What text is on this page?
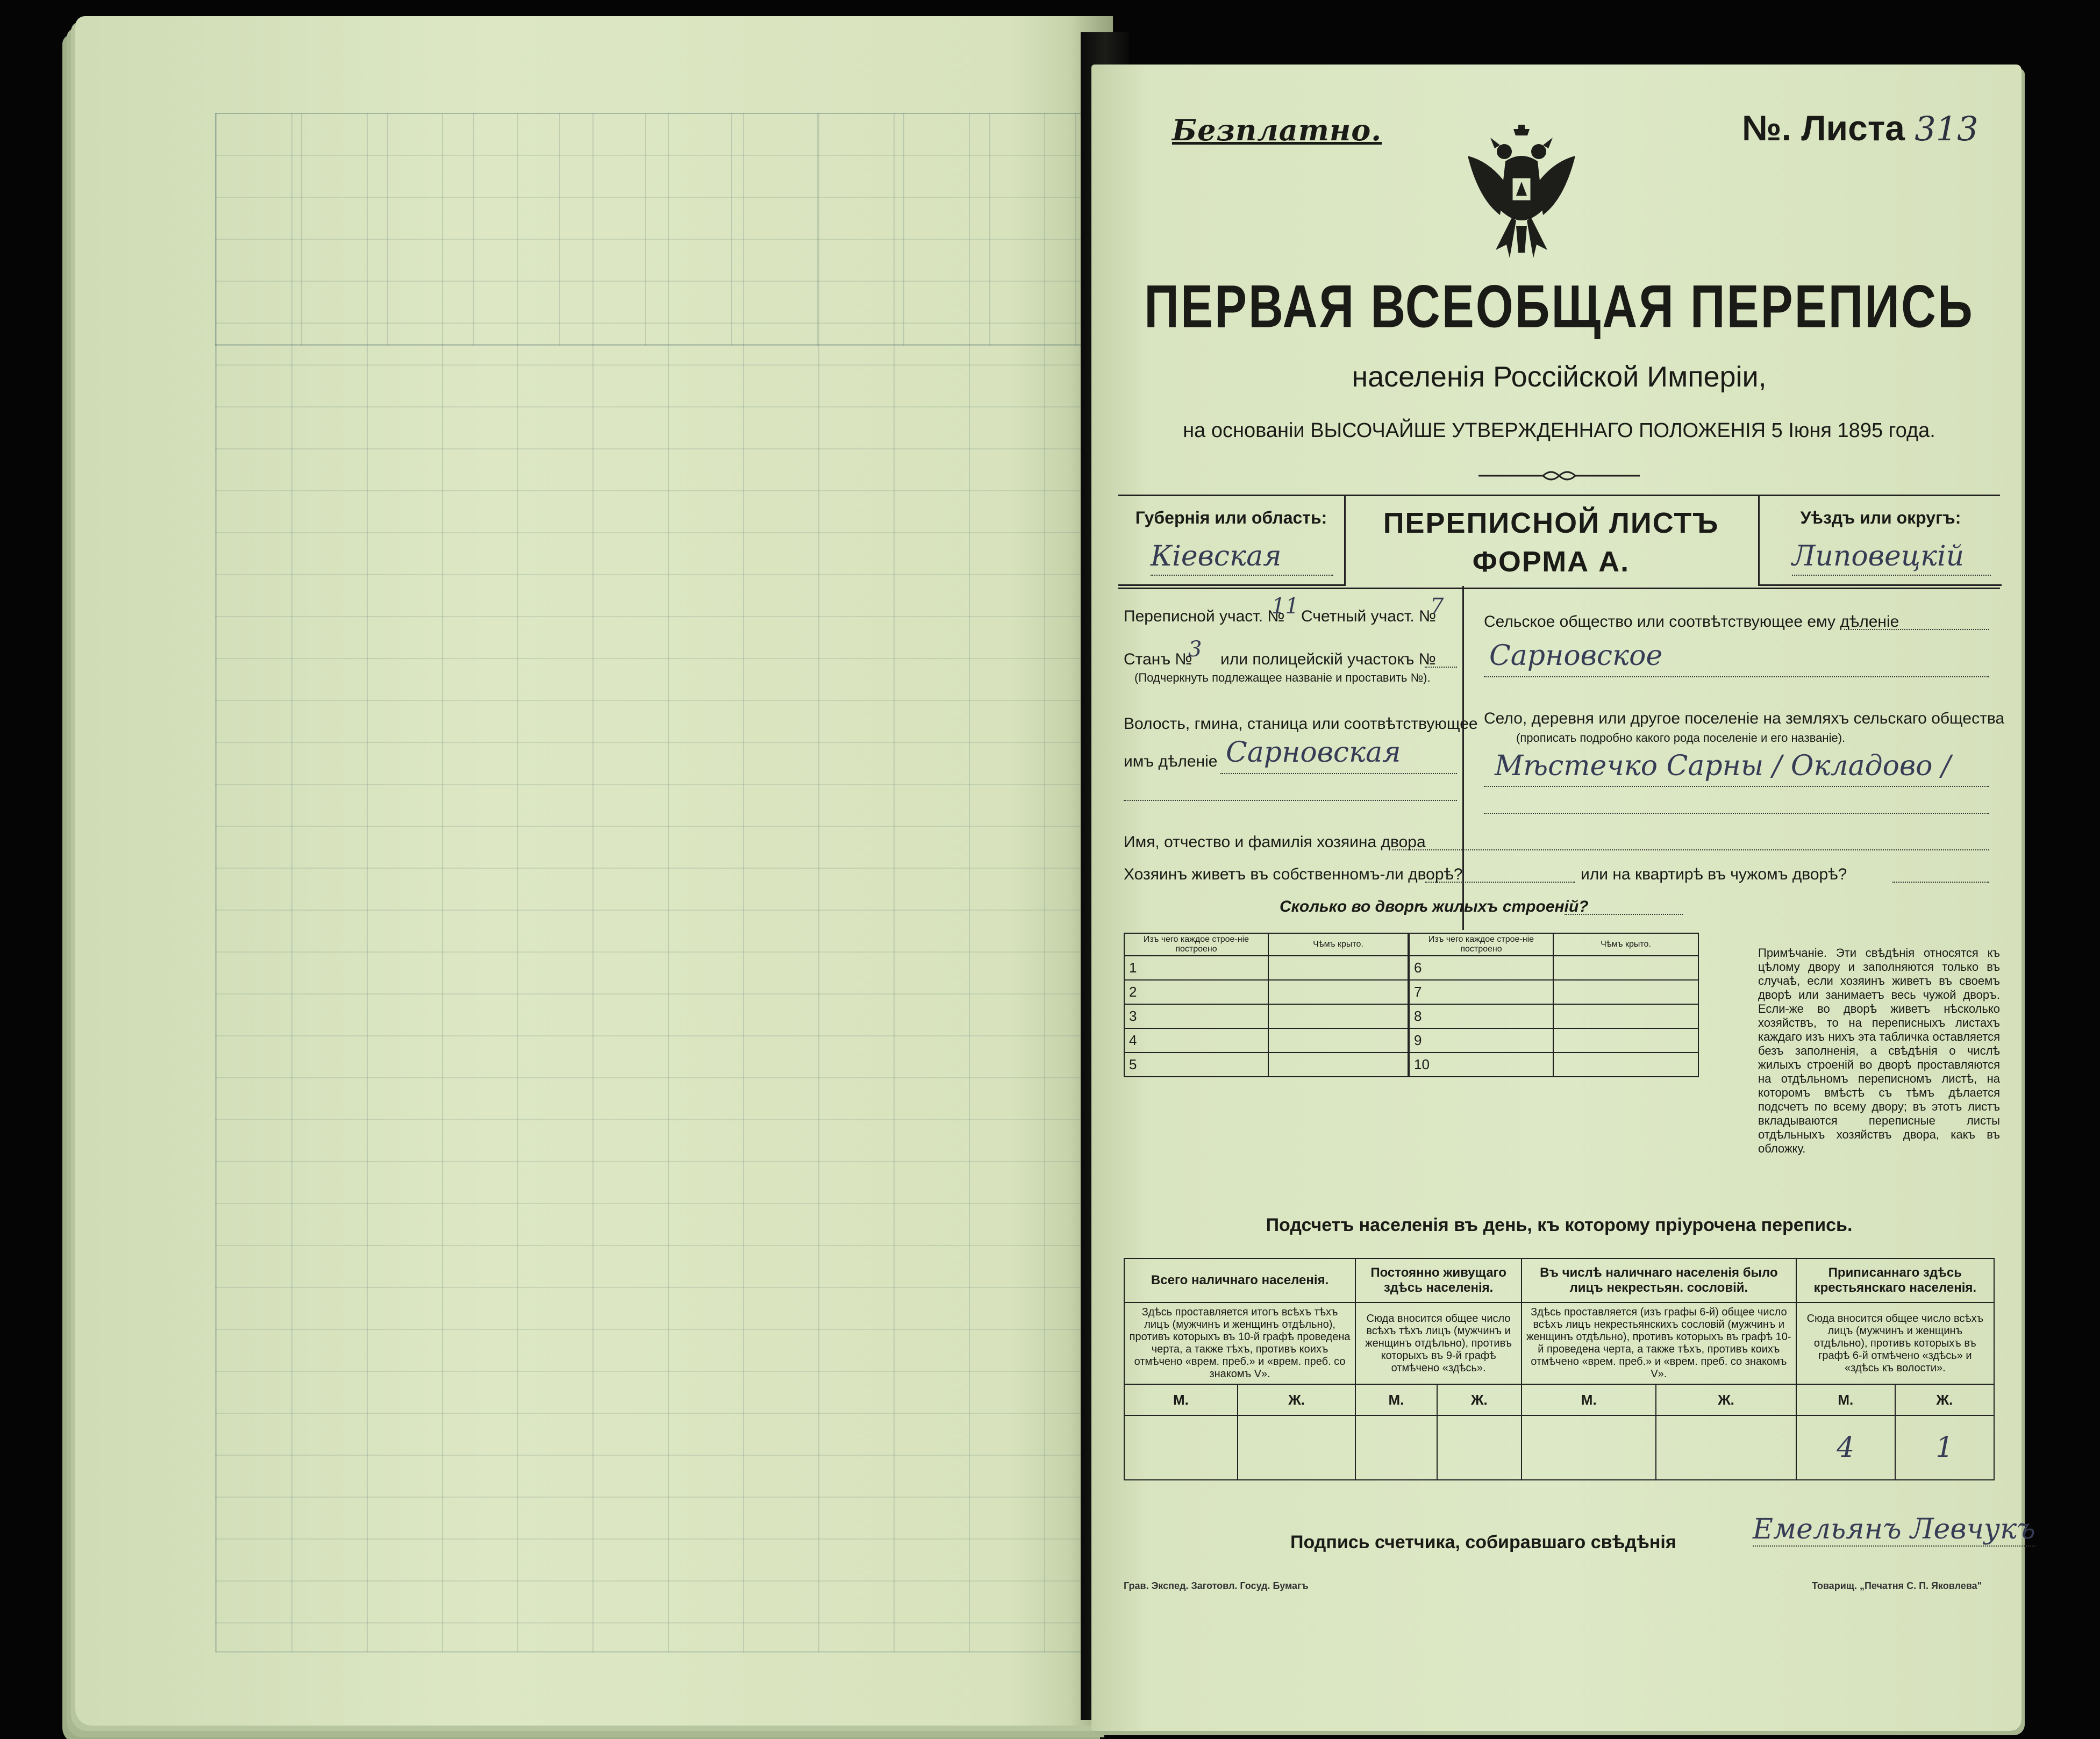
Безплатно.	№. Листа 313
ПЕРВАЯ ВСЕОБЩАЯ ПЕРЕПИСЬ
населенія Россійской Имперіи,
на основаніи ВЫСОЧАЙШЕ УТВЕРЖДЕННАГО ПОЛОЖЕНІЯ 5 Іюня 1895 года.
Губернія или область:
Кіевская
ПЕРЕПИСНОЙ ЛИСТЪ
ФОРМА А.
Уѣздъ или округъ:
Липовецкій
Переписной участ. №
11 Счетный участ. №
7
Станъ №
3 или полицейскій участокъ №
(Подчеркнуть подлежащее названіе и проставить №).
Волость, гмина, станица или соотвѣтствующее
имъ дѣленіе Сарновская
Сельское общество или соотвѣтствующее ему дѣленіе
Сарновское
Село, деревня или другое поселеніе на земляхъ сельскаго общества
(прописать подробно какого рода поселеніе и его названіе).
Мѣстечко Сарны / Окладово /
Имя, отчество и фамилія хозяина двора
Хозяинъ живетъ въ собственномъ-ли дворѣ?	или на квартирѣ въ чужомъ дворѣ?
Сколько во дворѣ жилыхъ строеній?
Изъ чего каждое строе-ніе построено	Чѣмъ крыто.
1	
2	
3	
4	
5	
Изъ чего каждое строе-ніе построено	Чѣмъ крыто.
6	
7	
8	
9	
10	
Примѣчаніе. Эти свѣдѣнія относятся къ цѣлому двору и заполняются только въ случаѣ, если хозяинъ живетъ въ своемъ дворѣ или занимаетъ весь чужой дворъ. Если-же во дворѣ живетъ нѣсколько хозяйствъ, то на переписныхъ листахъ каждаго изъ нихъ эта табличка оставляется безъ заполненія, а свѣдѣнія о числѣ жилыхъ строеній во дворѣ проставляются на отдѣльномъ переписномъ листѣ, на которомъ вмѣстѣ съ тѣмъ дѣлается подсчетъ по всему двору; въ этотъ листъ вкладываются переписные листы отдѣльныхъ хозяйствъ двора, какъ въ обложку.
Подсчетъ населенія въ день, къ которому пріурочена перепись.
Всего наличнаго населенія.		Постоянно живущаго здѣсь населенія.		Въ числѣ наличнаго населенія было лицъ некрестьян. сословій.		Приписаннаго здѣсь крестьянскаго населенія.	
Здѣсь проставляется итогъ всѣхъ тѣхъ лицъ (мужчинъ и женщинъ отдѣльно), противъ которыхъ въ 10-й графѣ проведена черта, а также тѣхъ, противъ коихъ отмѣчено «врем. преб.» и «врем. преб. со знакомъ V».		Сюда вносится общее число всѣхъ тѣхъ лицъ (мужчинъ и женщинъ отдѣльно), противъ которыхъ въ 9-й графѣ отмѣчено «здѣсь».		Здѣсь проставляется (изъ графы 6-й) общее число всѣхъ лицъ некрестьянскихъ сословій (мужчинъ и женщинъ отдѣльно), противъ которыхъ въ графѣ 10-й проведена черта, а также тѣхъ, противъ коихъ отмѣчено «врем. преб.» и «врем. преб. со знакомъ V».		Сюда вносится общее число всѣхъ лицъ (мужчинъ и женщинъ отдѣльно), противъ которыхъ въ графѣ 6-й отмѣчено «здѣсь» и «здѣсь къ волости».	
М.	Ж.	М.	Ж.	М.	Ж.	М.	Ж.
						4	1
Подпись счетчика, собиравшаго свѣдѣнія	Емельянъ Левчукъ
Грав. Экспед. Заготовл. Госуд. Бумагъ	Товарищ. „Печатня С. П. Яковлева"
